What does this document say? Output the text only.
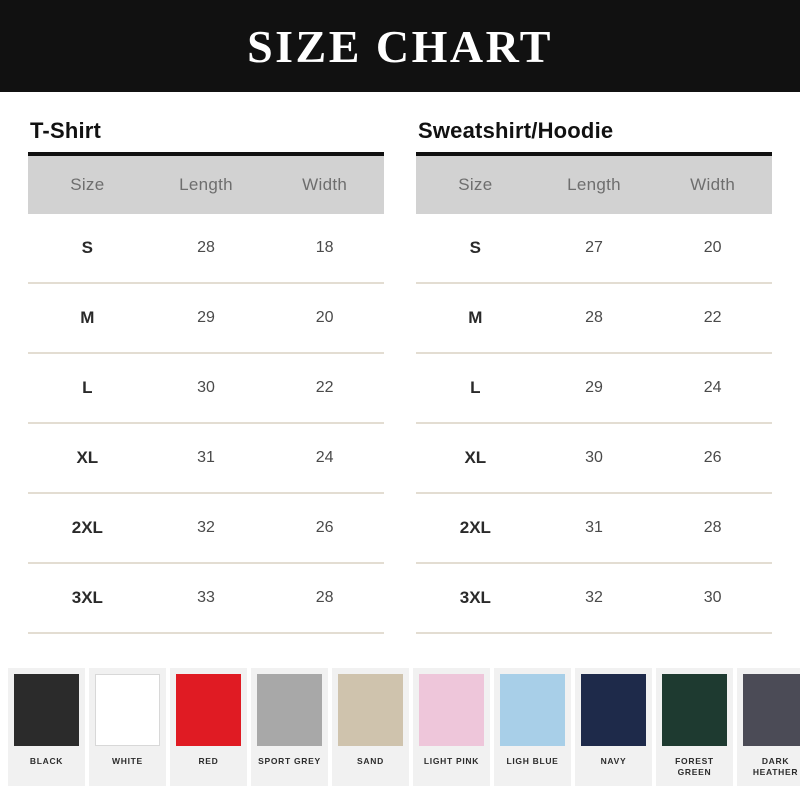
SIZE CHART
T-Shirt
Size	Length	Width
S	28	18
M	29	20
L	30	22
XL	31	24
2XL	32	26
3XL	33	28
Sweatshirt/Hoodie
Size	Length	Width
S	27	20
M	28	22
L	29	24
XL	30	26
2XL	31	28
3XL	32	30
BLACK	WHITE	RED	SPORT GREY	SAND	LIGHT PINK	LIGH BLUE	NAVY	FOREST GREEN
DARK HEATHER
